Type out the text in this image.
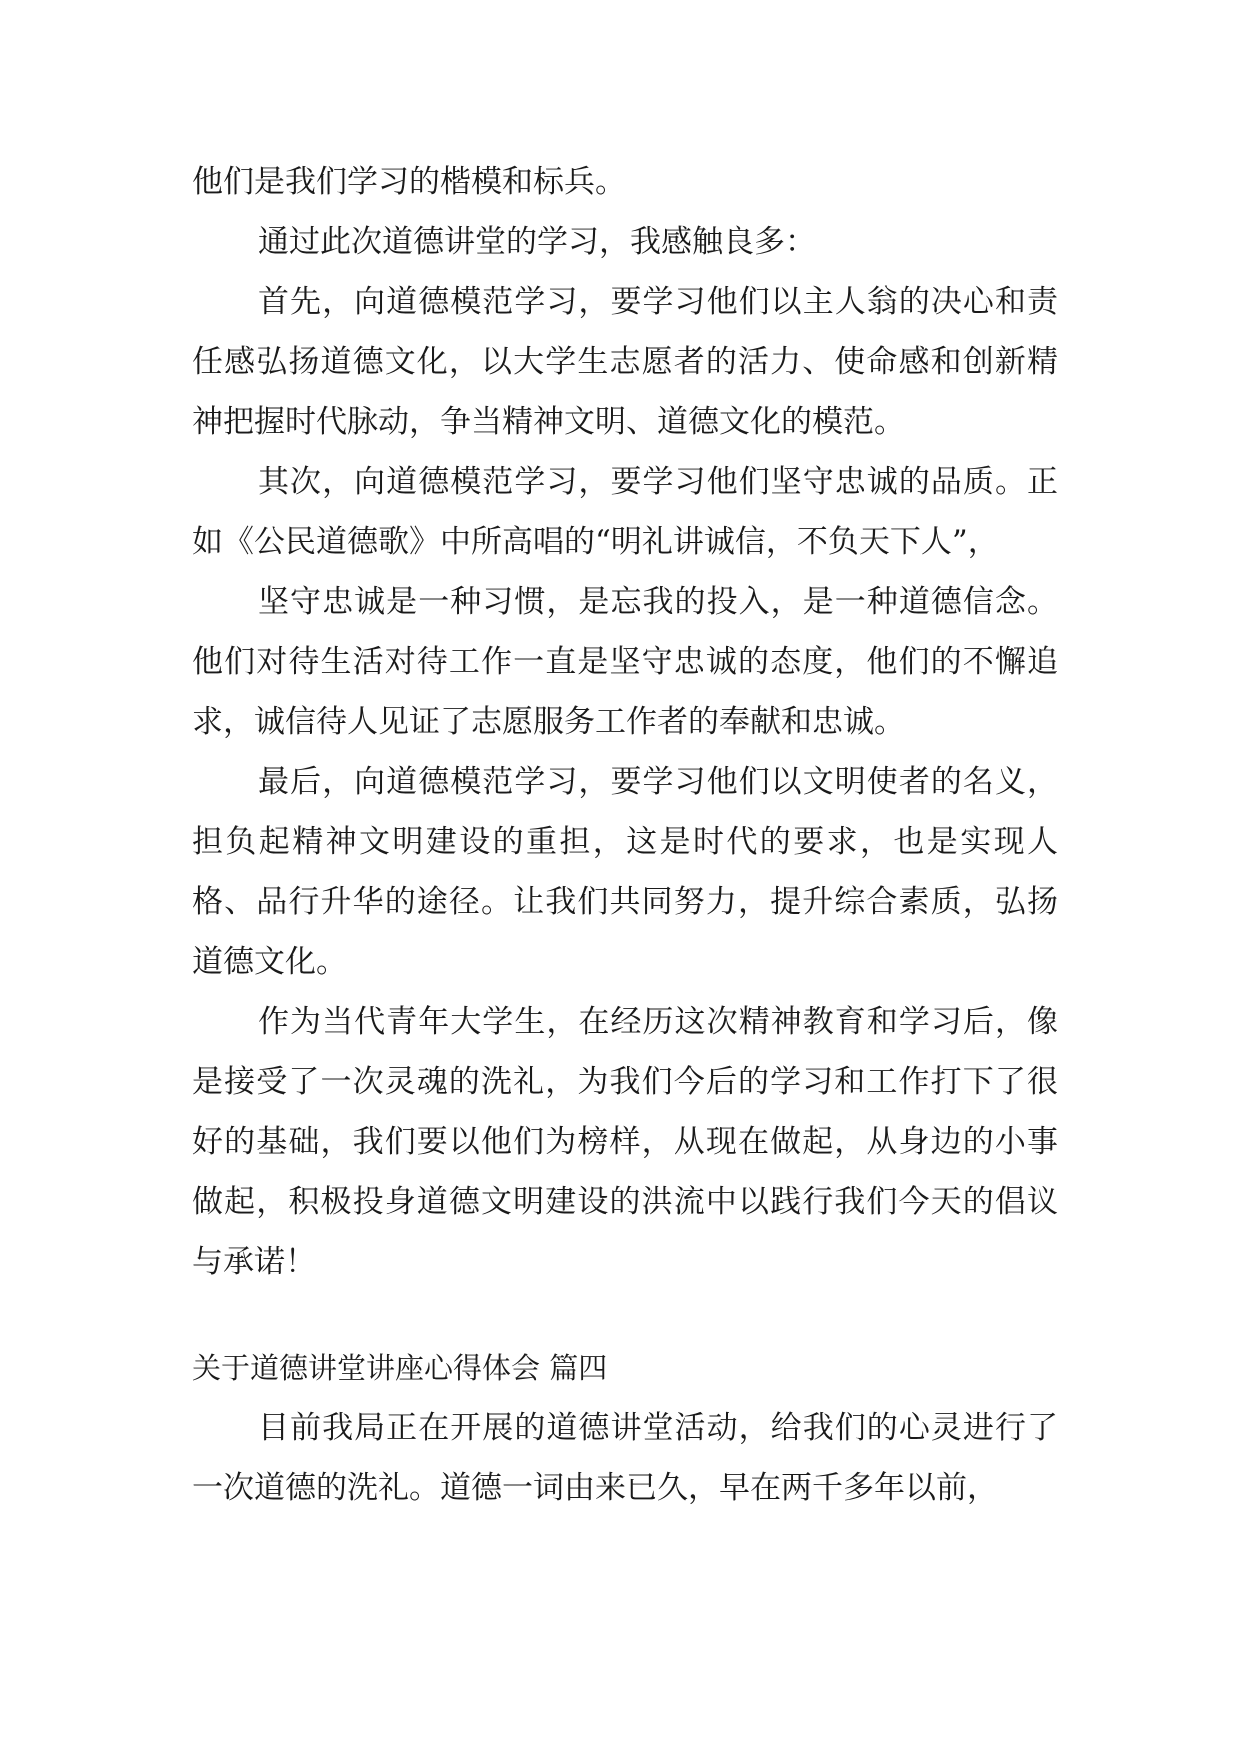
他们是我们学习的楷模和标兵。

通过此次道德讲堂的学习，我感触良多：

首先，向道德模范学习，要学习他们以主人翁的决心和责任感弘扬道德文化，以大学生志愿者的活力、使命感和创新精神把握时代脉动，争当精神文明、道德文化的模范。

其次，向道德模范学习，要学习他们坚守忠诚的品质。正如《公民道德歌》中所高唱的“明礼讲诚信，不负天下人”，

坚守忠诚是一种习惯，是忘我的投入，是一种道德信念。他们对待生活对待工作一直是坚守忠诚的态度，他们的不懈追求，诚信待人见证了志愿服务工作者的奉献和忠诚。

最后，向道德模范学习，要学习他们以文明使者的名义，担负起精神文明建设的重担，这是时代的要求，也是实现人格、品行升华的途径。让我们共同努力，提升综合素质，弘扬道德文化。

作为当代青年大学生，在经历这次精神教育和学习后，像是接受了一次灵魂的洗礼，为我们今后的学习和工作打下了很好的基础，我们要以他们为榜样，从现在做起，从身边的小事做起，积极投身道德文明建设的洪流中以践行我们今天的倡议与承诺！

关于道德讲堂讲座心得体会 篇四

目前我局正在开展的道德讲堂活动，给我们的心灵进行了一次道德的洗礼。道德一词由来已久，早在两千多年以前，
